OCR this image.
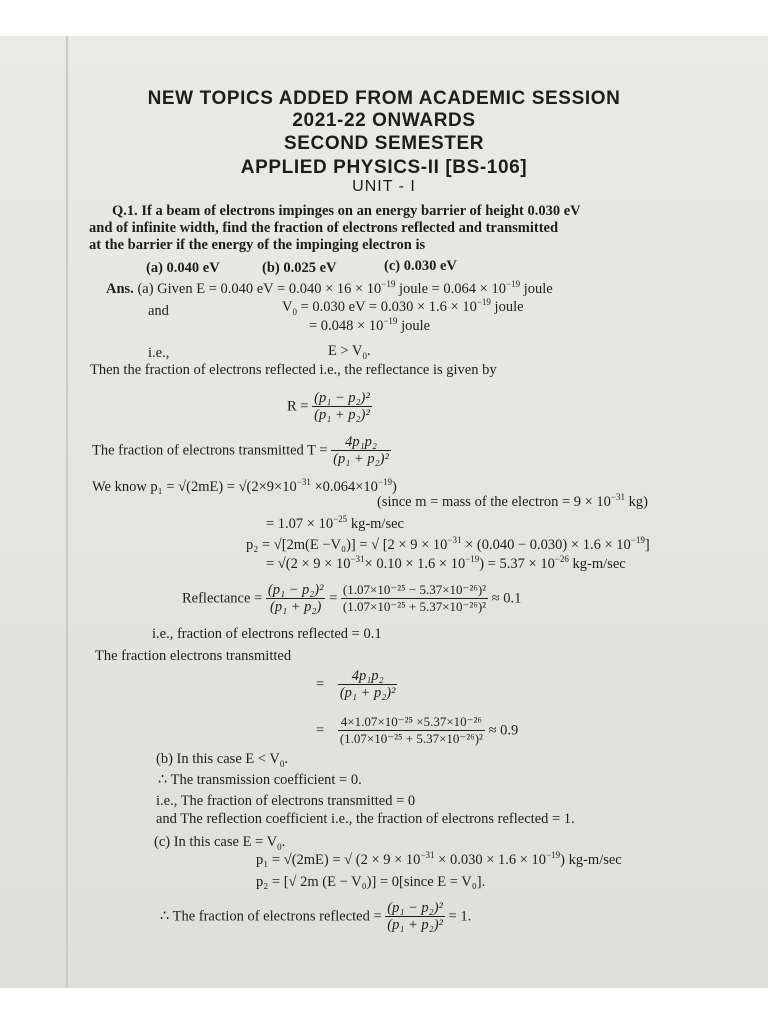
NEW TOPICS ADDED FROM ACADEMIC SESSION
2021-22 ONWARDS
SECOND SEMESTER
APPLIED PHYSICS-II [BS-106]
UNIT - I
Q.1. If a beam of electrons impinges on an energy barrier of height 0.030 eV
and of infinite width, find the fraction of electrons reflected and transmitted
at the barrier if the energy of the impinging electron is
(a) 0.040 eV	(b) 0.025 eV	(c) 0.030 eV
Ans. (a) Given E = 0.040 eV = $0.040 \times 16 \times 10^{-19}$ joule = $0.064 \times 10^{-19}$ joule
and	$V_0 = 0.030$ eV = $0.030 \times 1.6 \times 10^{-19}$ joule
= $0.048 \times 10^{-19}$ joule
i.e.,	$E > V_0$.
Then the fraction of electrons reflected i.e., the reflectance is given by
$R = \frac{\text{(p₁ − p₂)²}}{\text{(p₁ + p₂)²}}$
The fraction of electrons transmitted $T = \frac{\text{4p₁p₂}}{\text{(p₁ + p₂)²}}$
We know $p_1 = √(2mE) = √(2\times 9\times 10^{-31} \times 0.064\times 10^{-19})$
(since m = mass of the electron = $9 \times 10^{-31}$ kg)
= $1.07 \times 10^{-25}$ kg-m/sec
p₂ = √[2m(E −V₀)] = √ $[2 \times 9 \times 10^{-31} \times (0.040 - 0.030) \times 1.6 \times 10^{-19}]$
= $√(2 \times 9 \times 10^{-31}\times 0.10 \times 1.6 \times 10^{-19}) = 5.37 \times 10^{-26}$ kg-m/sec
Reflectance = $\frac{\text{(p₁ − p₂)²}}{\text{(p₁ + p₂)}} = \frac{\text{(1.07×10⁻²⁵ − 5.37×10⁻²⁶)²}}{\text{(1.07×10⁻²⁵ + 5.37×10⁻²⁶)²}} \approx 0.1$
i.e., fraction of electrons reflected = 0.1
The fraction electrons transmitted
= $\frac{\text{4p₁p₂}}{\text{(p₁ + p₂)²}}$
= $\frac{\text{4×1.07×10⁻²⁵ ×5.37×10⁻²⁶}}{\text{(1.07×10⁻²⁵ + 5.37×10⁻²⁶)²}} \approx 0.9$
(b) In this case $E < V_0$.
∴ The transmission coefficient = 0.
i.e., The fraction of electrons transmitted = 0
and The reflection coefficient i.e., the fraction of electrons reflected = 1.
(c) In this case $E = V_0$.
p₁ = √(2mE) = √ $(2 \times 9 \times 10^{-31} \times 0.030 \times 1.6 \times 10^{-19})$ kg-m/sec
p₂ = [√ 2m (E − V₀)] = 0[since E = V₀].
∴ The fraction of electrons reflected = $\frac{\text{(p₁ − p₂)²}}{\text{(p₁ + p₂)²}} = 1$.
